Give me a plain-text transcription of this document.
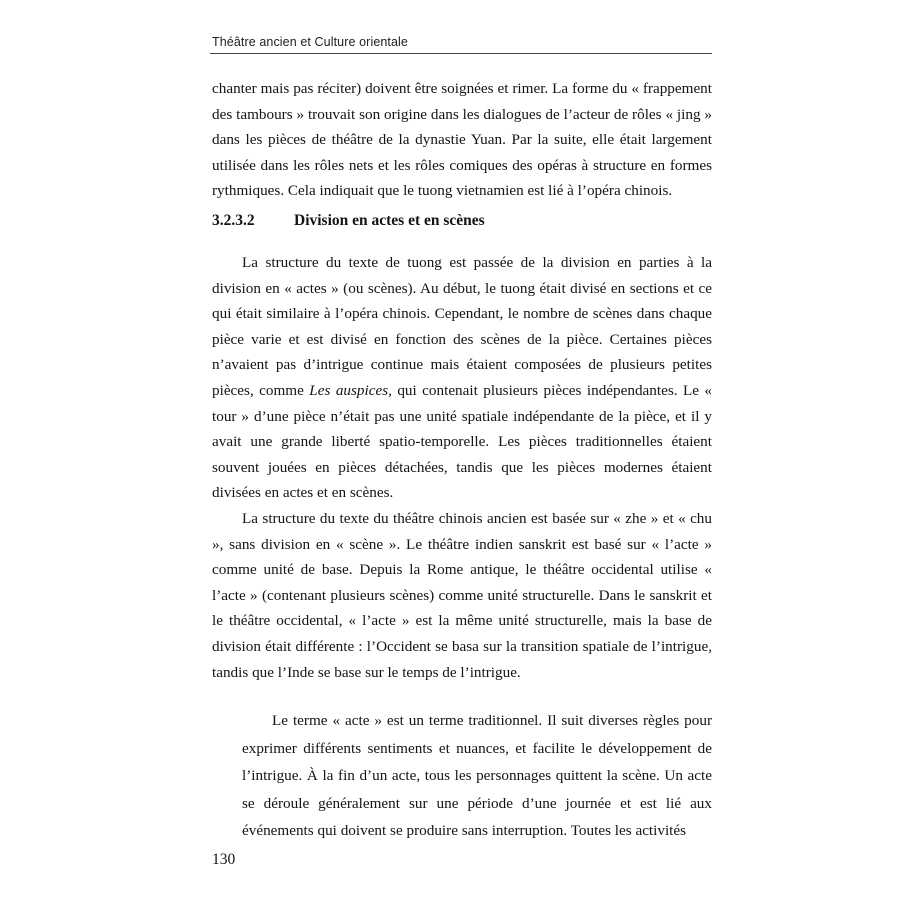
Théâtre ancien et Culture orientale

chanter mais pas réciter) doivent être soignées et rimer. La forme du « frappement des tambours » trouvait son origine dans les dialogues de l’acteur de rôles « jing » dans les pièces de théâtre de la dynastie Yuan. Par la suite, elle était largement utilisée dans les rôles nets et les rôles comiques des opéras à structure en formes rythmiques. Cela indiquait que le tuong vietnamien est lié à l’opéra chinois.

3.2.3.2	Division en actes et en scènes

La structure du texte de tuong est passée de la division en parties à la division en « actes » (ou scènes). Au début, le tuong était divisé en sections et ce qui était similaire à l’opéra chinois. Cependant, le nombre de scènes dans chaque pièce varie et est divisé en fonction des scènes de la pièce. Certaines pièces n’avaient pas d’intrigue continue mais étaient composées de plusieurs petites pièces, comme Les auspices, qui contenait plusieurs pièces indépendantes. Le « tour » d’une pièce n’était pas une unité spatiale indépendante de la pièce, et il y avait une grande liberté spatio-temporelle. Les pièces traditionnelles étaient souvent jouées en pièces détachées, tandis que les pièces modernes étaient divisées en actes et en scènes.

La structure du texte du théâtre chinois ancien est basée sur « zhe » et « chu », sans division en « scène ». Le théâtre indien sanskrit est basé sur « l’acte » comme unité de base. Depuis la Rome antique, le théâtre occidental utilise « l’acte » (contenant plusieurs scènes) comme unité structurelle. Dans le sanskrit et le théâtre occidental, « l’acte » est la même unité structurelle, mais la base de division était différente : l’Occident se basa sur la transition spatiale de l’intrigue, tandis que l’Inde se base sur le temps de l’intrigue.

Le terme « acte » est un terme traditionnel. Il suit diverses règles pour exprimer différents sentiments et nuances, et facilite le développement de l’intrigue. À la fin d’un acte, tous les personnages quittent la scène. Un acte se déroule généralement sur une période d’une journée et est lié aux événements qui doivent se produire sans interruption. Toutes les activités

130
